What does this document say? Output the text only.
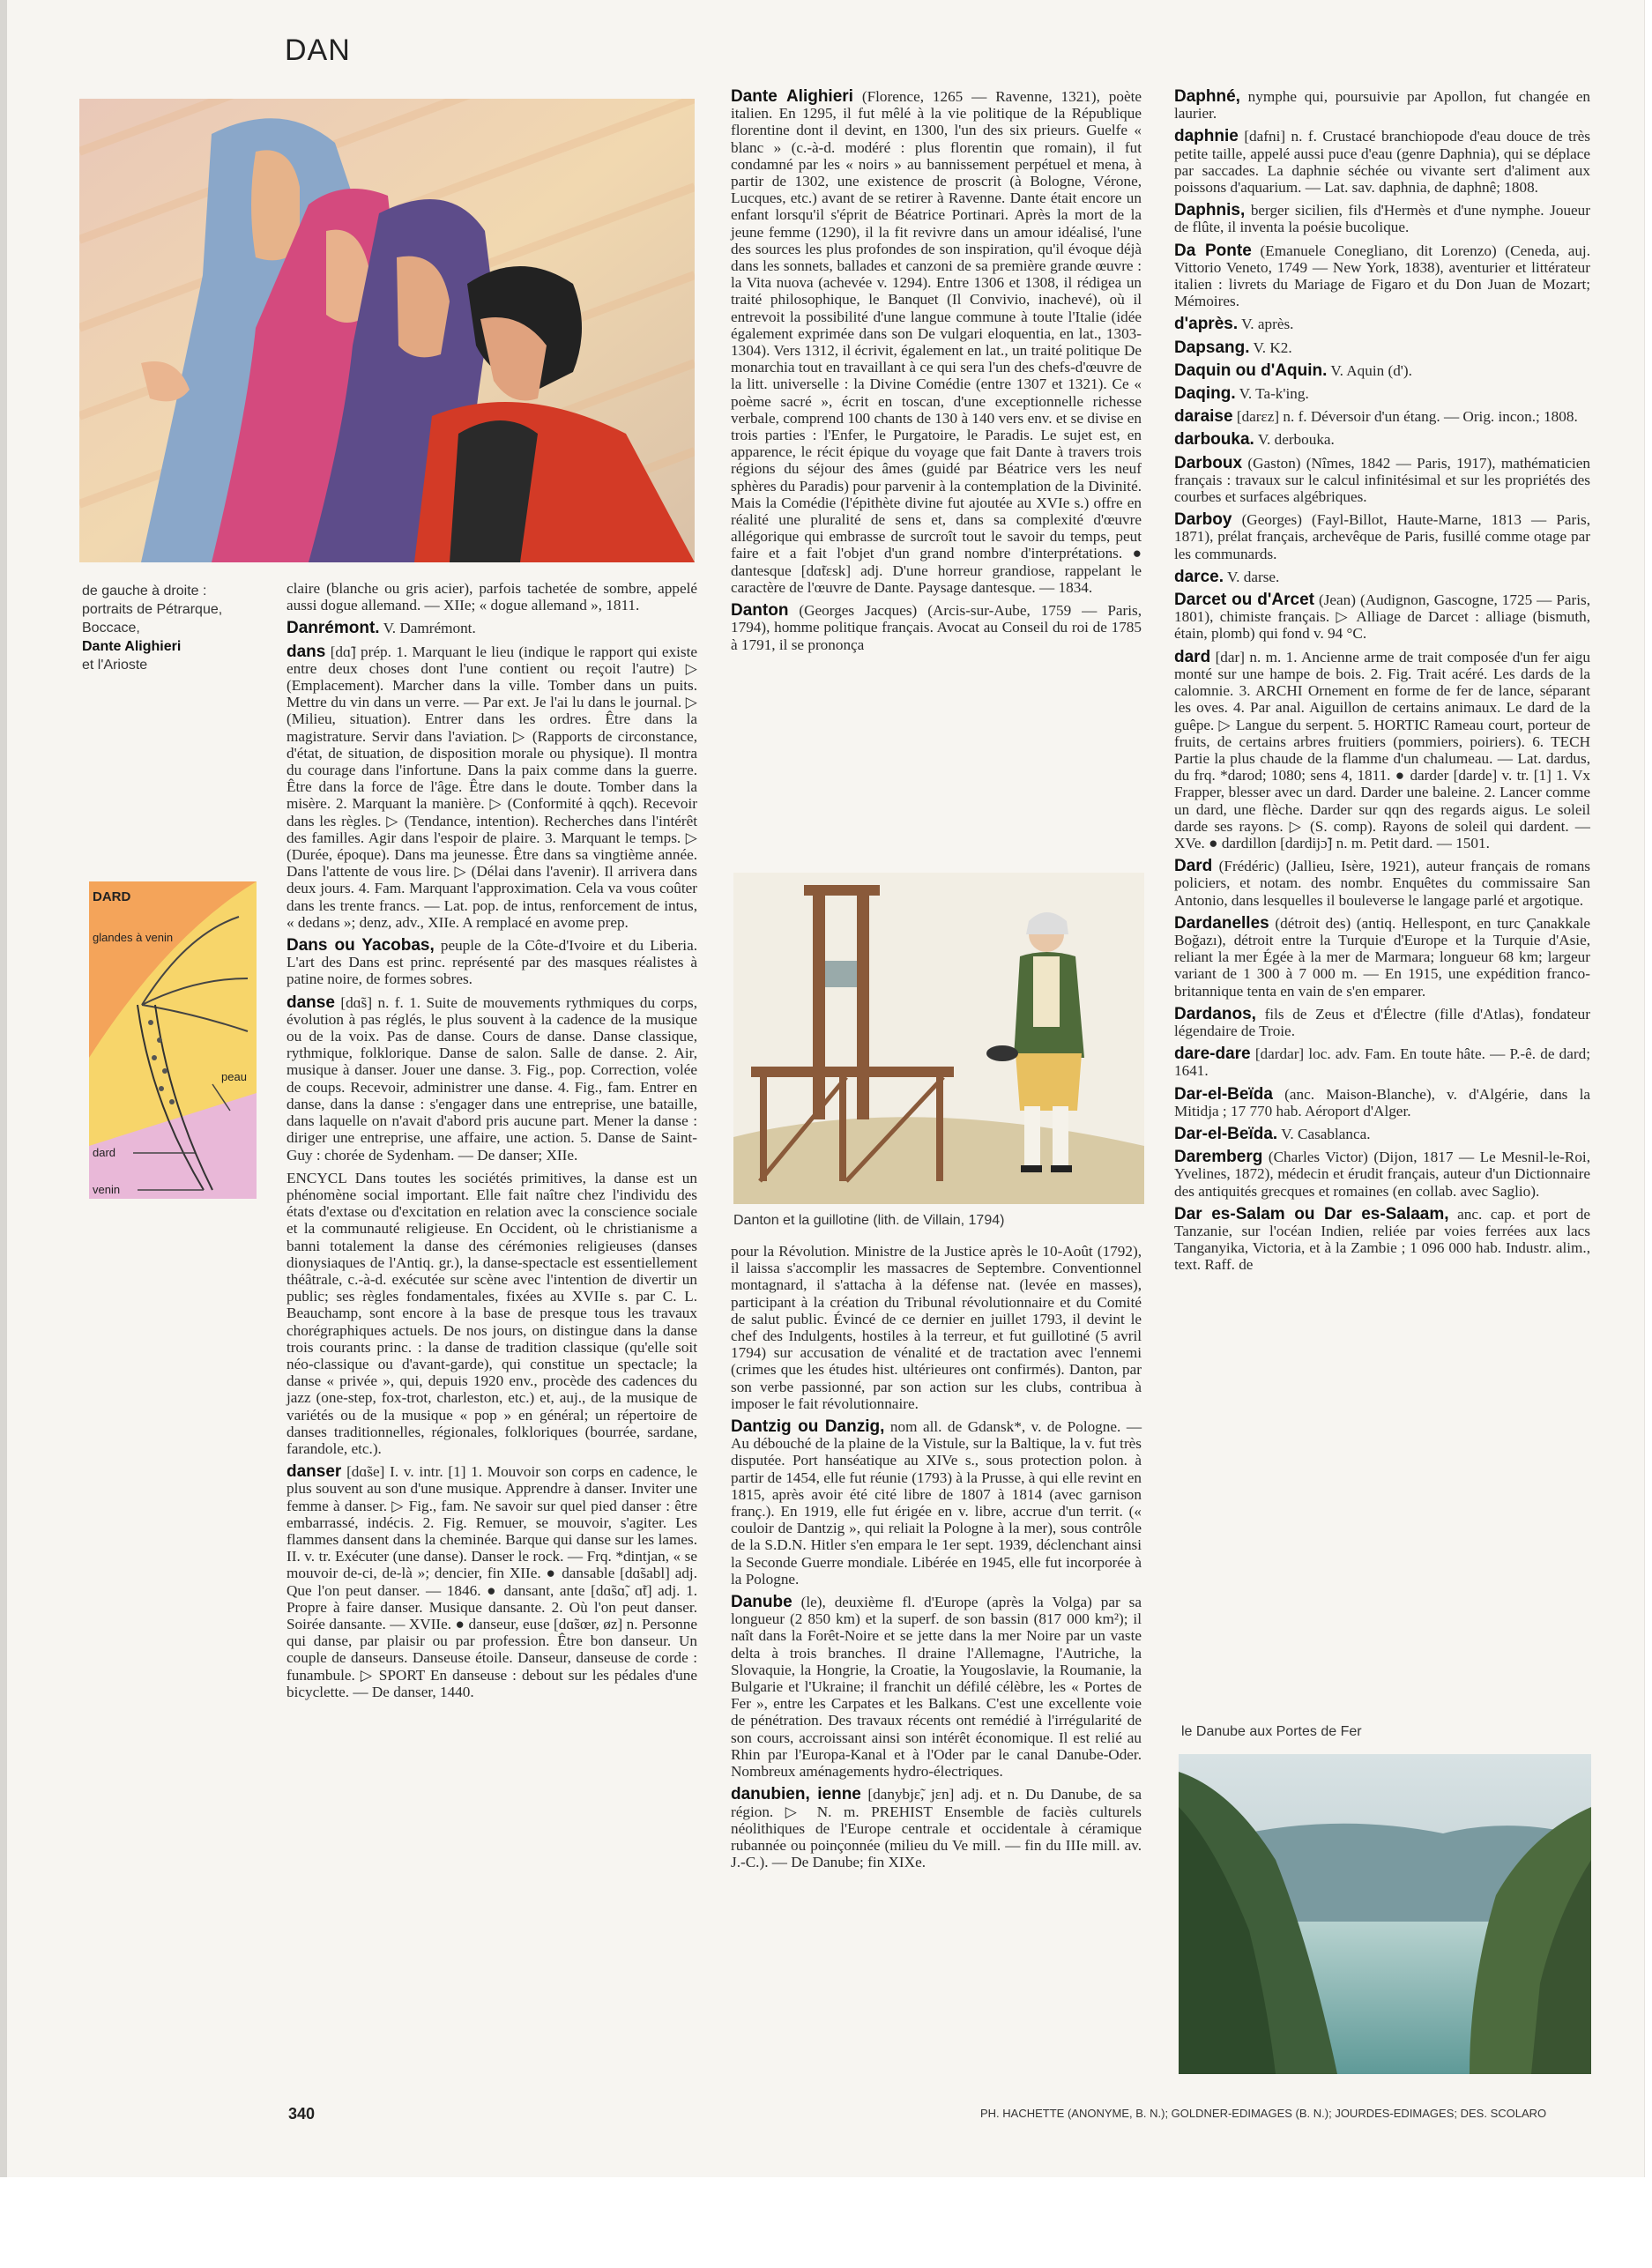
DAN
de gauche à droite :
portraits de Pétrarque,
Boccace,
Dante Alighieri
et l'Arioste
DARD
glandes à venin
peau
dard
venin
Danton et la guillotine (lith. de Villain, 1794)
le Danube aux Portes de Fer
claire (blanche ou gris acier), parfois tachetée de sombre, appelé aussi dogue allemand. — XIIe; « dogue allemand », 1811.
Danrémont. V. Damrémont.
dans [dɑ̃] prép. 1. Marquant le lieu (indique le rapport qui existe entre deux choses dont l'une contient ou reçoit l'autre) ▷ (Emplacement). Marcher dans la ville. Tomber dans un puits. Mettre du vin dans un verre. — Par ext. Je l'ai lu dans le journal. ▷ (Milieu, situation). Entrer dans les ordres. Être dans la magistrature. Servir dans l'aviation. ▷ (Rapports de circonstance, d'état, de situation, de disposition morale ou physique). Il montra du courage dans l'infortune. Dans la paix comme dans la guerre. Être dans la force de l'âge. Être dans le doute. Tomber dans la misère. 2. Marquant la manière. ▷ (Conformité à qqch). Recevoir dans les règles. ▷ (Tendance, intention). Recherches dans l'intérêt des familles. Agir dans l'espoir de plaire. 3. Marquant le temps. ▷ (Durée, époque). Dans ma jeunesse. Être dans sa vingtième année. Dans l'attente de vous lire. ▷ (Délai dans l'avenir). Il arrivera dans deux jours. 4. Fam. Marquant l'approximation. Cela va vous coûter dans les trente francs. — Lat. pop. de intus, renforcement de intus, « dedans »; denz, adv., XIIe. A remplacé en avome prep.
Dans ou Yacobas, peuple de la Côte-d'Ivoire et du Liberia. L'art des Dans est princ. représenté par des masques réalistes à patine noire, de formes sobres.
danse [dɑ̃s] n. f. 1. Suite de mouvements rythmiques du corps, évolution à pas réglés, le plus souvent à la cadence de la musique ou de la voix. Pas de danse. Cours de danse. Danse classique, rythmique, folklorique. Danse de salon. Salle de danse. 2. Air, musique à danser. Jouer une danse. 3. Fig., pop. Correction, volée de coups. Recevoir, administrer une danse. 4. Fig., fam. Entrer en danse, dans la danse : s'engager dans une entreprise, une bataille, dans laquelle on n'avait d'abord pris aucune part. Mener la danse : diriger une entreprise, une affaire, une action. 5. Danse de Saint-Guy : chorée de Sydenham. — De danser; XIIe.
ENCYCL Dans toutes les sociétés primitives, la danse est un phénomène social important. Elle fait naître chez l'individu des états d'extase ou d'excitation en relation avec la conscience sociale et la communauté religieuse. En Occident, où le christianisme a banni totalement la danse des cérémonies religieuses (danses dionysiaques de l'Antiq. gr.), la danse-spectacle est essentiellement théâtrale, c.-à-d. exécutée sur scène avec l'intention de divertir un public; ses règles fondamentales, fixées au XVIIe s. par C. L. Beauchamp, sont encore à la base de presque tous les travaux chorégraphiques actuels. De nos jours, on distingue dans la danse trois courants princ. : la danse de tradition classique (qu'elle soit néo-classique ou d'avant-garde), qui constitue un spectacle; la danse « privée », qui, depuis 1920 env., procède des cadences du jazz (one-step, fox-trot, charleston, etc.) et, auj., de la musique de variétés ou de la musique « pop » en général; un répertoire de danses traditionnelles, régionales, folkloriques (bourrée, sardane, farandole, etc.).
danser [dɑ̃se] I. v. intr. [1] 1. Mouvoir son corps en cadence, le plus souvent au son d'une musique. Apprendre à danser. Inviter une femme à danser. ▷ Fig., fam. Ne savoir sur quel pied danser : être embarrassé, indécis. 2. Fig. Remuer, se mouvoir, s'agiter. Les flammes dansent dans la cheminée. Barque qui danse sur les lames. II. v. tr. Exécuter (une danse). Danser le rock. — Frq. *dintjan, « se mouvoir de-ci, de-là »; dencier, fin XIIe. ● dansable [dɑ̃sabl] adj. Que l'on peut danser. — 1846. ● dansant, ante [dɑ̃sɑ̃, ɑ̃t] adj. 1. Propre à faire danser. Musique dansante. 2. Où l'on peut danser. Soirée dansante. — XVIIe. ● danseur, euse [dɑ̃sœr, øz] n. Personne qui danse, par plaisir ou par profession. Être bon danseur. Un couple de danseurs. Danseuse étoile. Danseur, danseuse de corde : funambule. ▷ SPORT En danseuse : debout sur les pédales d'une bicyclette. — De danser, 1440.
Dante Alighieri (Florence, 1265 — Ravenne, 1321), poète italien. En 1295, il fut mêlé à la vie politique de la République florentine dont il devint, en 1300, l'un des six prieurs. Guelfe « blanc » (c.-à-d. modéré : plus florentin que romain), il fut condamné par les « noirs » au bannissement perpétuel et mena, à partir de 1302, une existence de proscrit (à Bologne, Vérone, Lucques, etc.) avant de se retirer à Ravenne. Dante était encore un enfant lorsqu'il s'éprit de Béatrice Portinari. Après la mort de la jeune femme (1290), il la fit revivre dans un amour idéalisé, l'une des sources les plus profondes de son inspiration, qu'il évoque déjà dans les sonnets, ballades et canzoni de sa première grande œuvre : la Vita nuova (achevée v. 1294). Entre 1306 et 1308, il rédigea un traité philosophique, le Banquet (Il Convivio, inachevé), où il entrevoit la possibilité d'une langue commune à toute l'Italie (idée également exprimée dans son De vulgari eloquentia, en lat., 1303-1304). Vers 1312, il écrivit, également en lat., un traité politique De monarchia tout en travaillant à ce qui sera l'un des chefs-d'œuvre de la litt. universelle : la Divine Comédie (entre 1307 et 1321). Ce « poème sacré », écrit en toscan, d'une exceptionnelle richesse verbale, comprend 100 chants de 130 à 140 vers env. et se divise en trois parties : l'Enfer, le Purgatoire, le Paradis. Le sujet est, en apparence, le récit épique du voyage que fait Dante à travers trois régions du séjour des âmes (guidé par Béatrice vers les neuf sphères du Paradis) pour parvenir à la contemplation de la Divinité. Mais la Comédie (l'épithète divine fut ajoutée au XVIe s.) offre en réalité une pluralité de sens et, dans sa complexité d'œuvre allégorique qui embrasse de surcroît tout le savoir du temps, peut faire et a fait l'objet d'un grand nombre d'interprétations. ● dantesque [dɑ̃tɛsk] adj. D'une horreur grandiose, rappelant le caractère de l'œuvre de Dante. Paysage dantesque. — 1834.
Danton (Georges Jacques) (Arcis-sur-Aube, 1759 — Paris, 1794), homme politique français. Avocat au Conseil du roi de 1785 à 1791, il se prononça
pour la Révolution. Ministre de la Justice après le 10-Août (1792), il laissa s'accomplir les massacres de Septembre. Conventionnel montagnard, il s'attacha à la défense nat. (levée en masses), participant à la création du Tribunal révolutionnaire et du Comité de salut public. Évincé de ce dernier en juillet 1793, il devint le chef des Indulgents, hostiles à la terreur, et fut guillotiné (5 avril 1794) sur accusation de vénalité et de tractation avec l'ennemi (crimes que les études hist. ultérieures ont confirmés). Danton, par son verbe passionné, par son action sur les clubs, contribua à imposer le fait révolutionnaire.
Dantzig ou Danzig, nom all. de Gdansk*, v. de Pologne. — Au débouché de la plaine de la Vistule, sur la Baltique, la v. fut très disputée. Port hanséatique au XIVe s., sous protection polon. à partir de 1454, elle fut réunie (1793) à la Prusse, à qui elle revint en 1815, après avoir été cité libre de 1807 à 1814 (avec garnison franç.). En 1919, elle fut érigée en v. libre, accrue d'un territ. (« couloir de Dantzig », qui reliait la Pologne à la mer), sous contrôle de la S.D.N. Hitler s'en empara le 1er sept. 1939, déclenchant ainsi la Seconde Guerre mondiale. Libérée en 1945, elle fut incorporée à la Pologne.
Danube (le), deuxième fl. d'Europe (après la Volga) par sa longueur (2 850 km) et la superf. de son bassin (817 000 km²); il naît dans la Forêt-Noire et se jette dans la mer Noire par un vaste delta à trois branches. Il draine l'Allemagne, l'Autriche, la Slovaquie, la Hongrie, la Croatie, la Yougoslavie, la Roumanie, la Bulgarie et l'Ukraine; il franchit un défilé célèbre, les « Portes de Fer », entre les Carpates et les Balkans. C'est une excellente voie de pénétration. Des travaux récents ont remédié à l'irrégularité de son cours, accroissant ainsi son intérêt économique. Il est relié au Rhin par l'Europa-Kanal et à l'Oder par le canal Danube-Oder. Nombreux aménagements hydro-électriques.
danubien, ienne [danybjɛ̃, jɛn] adj. et n. Du Danube, de sa région. ▷ N. m. PREHIST Ensemble de faciès culturels néolithiques de l'Europe centrale et occidentale à céramique rubannée ou poinçonnée (milieu du Ve mill. — fin du IIIe mill. av. J.-C.). — De Danube; fin XIXe.
Daphné, nymphe qui, poursuivie par Apollon, fut changée en laurier.
daphnie [dafni] n. f. Crustacé branchiopode d'eau douce de très petite taille, appelé aussi puce d'eau (genre Daphnia), qui se déplace par saccades. La daphnie séchée ou vivante sert d'aliment aux poissons d'aquarium. — Lat. sav. daphnia, de daphnê; 1808.
Daphnis, berger sicilien, fils d'Hermès et d'une nymphe. Joueur de flûte, il inventa la poésie bucolique.
Da Ponte (Emanuele Conegliano, dit Lorenzo) (Ceneda, auj. Vittorio Veneto, 1749 — New York, 1838), aventurier et littérateur italien : livrets du Mariage de Figaro et du Don Juan de Mozart; Mémoires.
d'après. V. après.
Dapsang. V. K2.
Daquin ou d'Aquin. V. Aquin (d').
Daqing. V. Ta-k'ing.
daraise [darɛz] n. f. Déversoir d'un étang. — Orig. incon.; 1808.
darbouka. V. derbouka.
Darboux (Gaston) (Nîmes, 1842 — Paris, 1917), mathématicien français : travaux sur le calcul infinitésimal et sur les propriétés des courbes et surfaces algébriques.
Darboy (Georges) (Fayl-Billot, Haute-Marne, 1813 — Paris, 1871), prélat français, archevêque de Paris, fusillé comme otage par les communards.
darce. V. darse.
Darcet ou d'Arcet (Jean) (Audignon, Gascogne, 1725 — Paris, 1801), chimiste français. ▷ Alliage de Darcet : alliage (bismuth, étain, plomb) qui fond v. 94 °C.
dard [dar] n. m. 1. Ancienne arme de trait composée d'un fer aigu monté sur une hampe de bois. 2. Fig. Trait acéré. Les dards de la calomnie. 3. ARCHI Ornement en forme de fer de lance, séparant les oves. 4. Par anal. Aiguillon de certains animaux. Le dard de la guêpe. ▷ Langue du serpent. 5. HORTIC Rameau court, porteur de fruits, de certains arbres fruitiers (pommiers, poiriers). 6. TECH Partie la plus chaude de la flamme d'un chalumeau. — Lat. dardus, du frq. *darod; 1080; sens 4, 1811. ● darder [darde] v. tr. [1] 1. Vx Frapper, blesser avec un dard. Darder une baleine. 2. Lancer comme un dard, une flèche. Darder sur qqn des regards aigus. Le soleil darde ses rayons. ▷ (S. comp). Rayons de soleil qui dardent. — XVe. ● dardillon [dardijɔ̃] n. m. Petit dard. — 1501.
Dard (Frédéric) (Jallieu, Isère, 1921), auteur français de romans policiers, et notam. des nombr. Enquêtes du commissaire San Antonio, dans lesquelles il bouleverse le langage parlé et argotique.
Dardanelles (détroit des) (antiq. Hellespont, en turc Çanakkale Boğazı), détroit entre la Turquie d'Europe et la Turquie d'Asie, reliant la mer Égée à la mer de Marmara; longueur 68 km; largeur variant de 1 300 à 7 000 m. — En 1915, une expédition franco-britannique tenta en vain de s'en emparer.
Dardanos, fils de Zeus et d'Électre (fille d'Atlas), fondateur légendaire de Troie.
dare-dare [dardar] loc. adv. Fam. En toute hâte. — P.-ê. de dard; 1641.
Dar-el-Beïda (anc. Maison-Blanche), v. d'Algérie, dans la Mitidja ; 17 770 hab. Aéroport d'Alger.
Dar-el-Beïda. V. Casablanca.
Daremberg (Charles Victor) (Dijon, 1817 — Le Mesnil-le-Roi, Yvelines, 1872), médecin et érudit français, auteur d'un Dictionnaire des antiquités grecques et romaines (en collab. avec Saglio).
Dar es-Salam ou Dar es-Salaam, anc. cap. et port de Tanzanie, sur l'océan Indien, reliée par voies ferrées aux lacs Tanganyika, Victoria, et à la Zambie ; 1 096 000 hab. Industr. alim., text. Raff. de
340	PH. HACHETTE (ANONYME, B. N.); GOLDNER-EDIMAGES (B. N.); JOURDES-EDIMAGES; DES. SCOLARO
